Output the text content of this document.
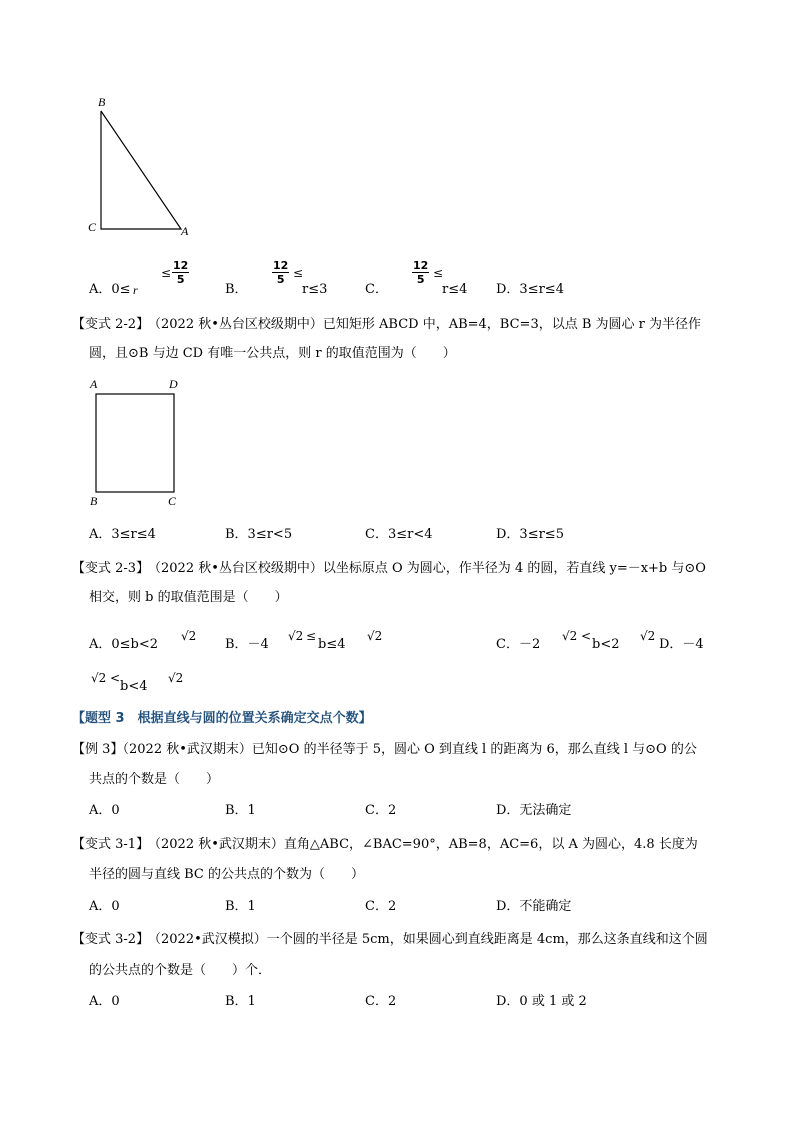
B
C	A
A．0≤ r
≤ $\frac{12}{5}$
B．
$\frac{12}{5}$ ≤
r≤3	C．
$\frac{12}{5}$ ≤
r≤4 D．3≤r≤4
【变式 2-2】
（2022 秋•丛台区校级期中）已知矩形 ABCD 中，AB=4，BC=3，以点 B 为圆心 r 为半径作
圆，且⊙B 与边 CD 有唯一公共点，则 r 的取值范围为（　　）
A	D
B	C
A．3≤r≤4	B．3≤r<5	C．3≤r<4	D．3≤r≤5
【变式 2-3】
（2022 秋•丛台区校级期中）以坐标原点 O 为圆心，作半径为 4 的圆，若直线 y=－x+b 与⊙O
相交，则 b 的取值范围是（　　）
A．0≤b<2
√2
B．－4
√2 ≤
b≤4
√2
C．－2
√2 <
b<2
√2
D．－4
√2 <
b<4
√2
【题型 3　根据直线与圆的位置关系确定交点个数】
【例 3】
（2022 秋•武汉期末）已知⊙O 的半径等于 5，圆心 O 到直线 l 的距离为 6，那么直线 l 与⊙O 的公
共点的个数是（　　）
A．0	B．1	C．2	D．无法确定
【变式 3-1】
（2022 秋•武汉期末）直角△ABC，∠BAC=90°，AB=8，AC=6，以 A 为圆心，4.8 长度为
半径的圆与直线 BC 的公共点的个数为（　　）
A．0	B．1	C．2	D．不能确定
【变式 3-2】
（2022•武汉模拟）一个圆的半径是 5cm，如果圆心到直线距离是 4cm，那么这条直线和这个圆
的公共点的个数是（　　）个．
A．0	B．1	C．2	D．0 或 1 或 2
